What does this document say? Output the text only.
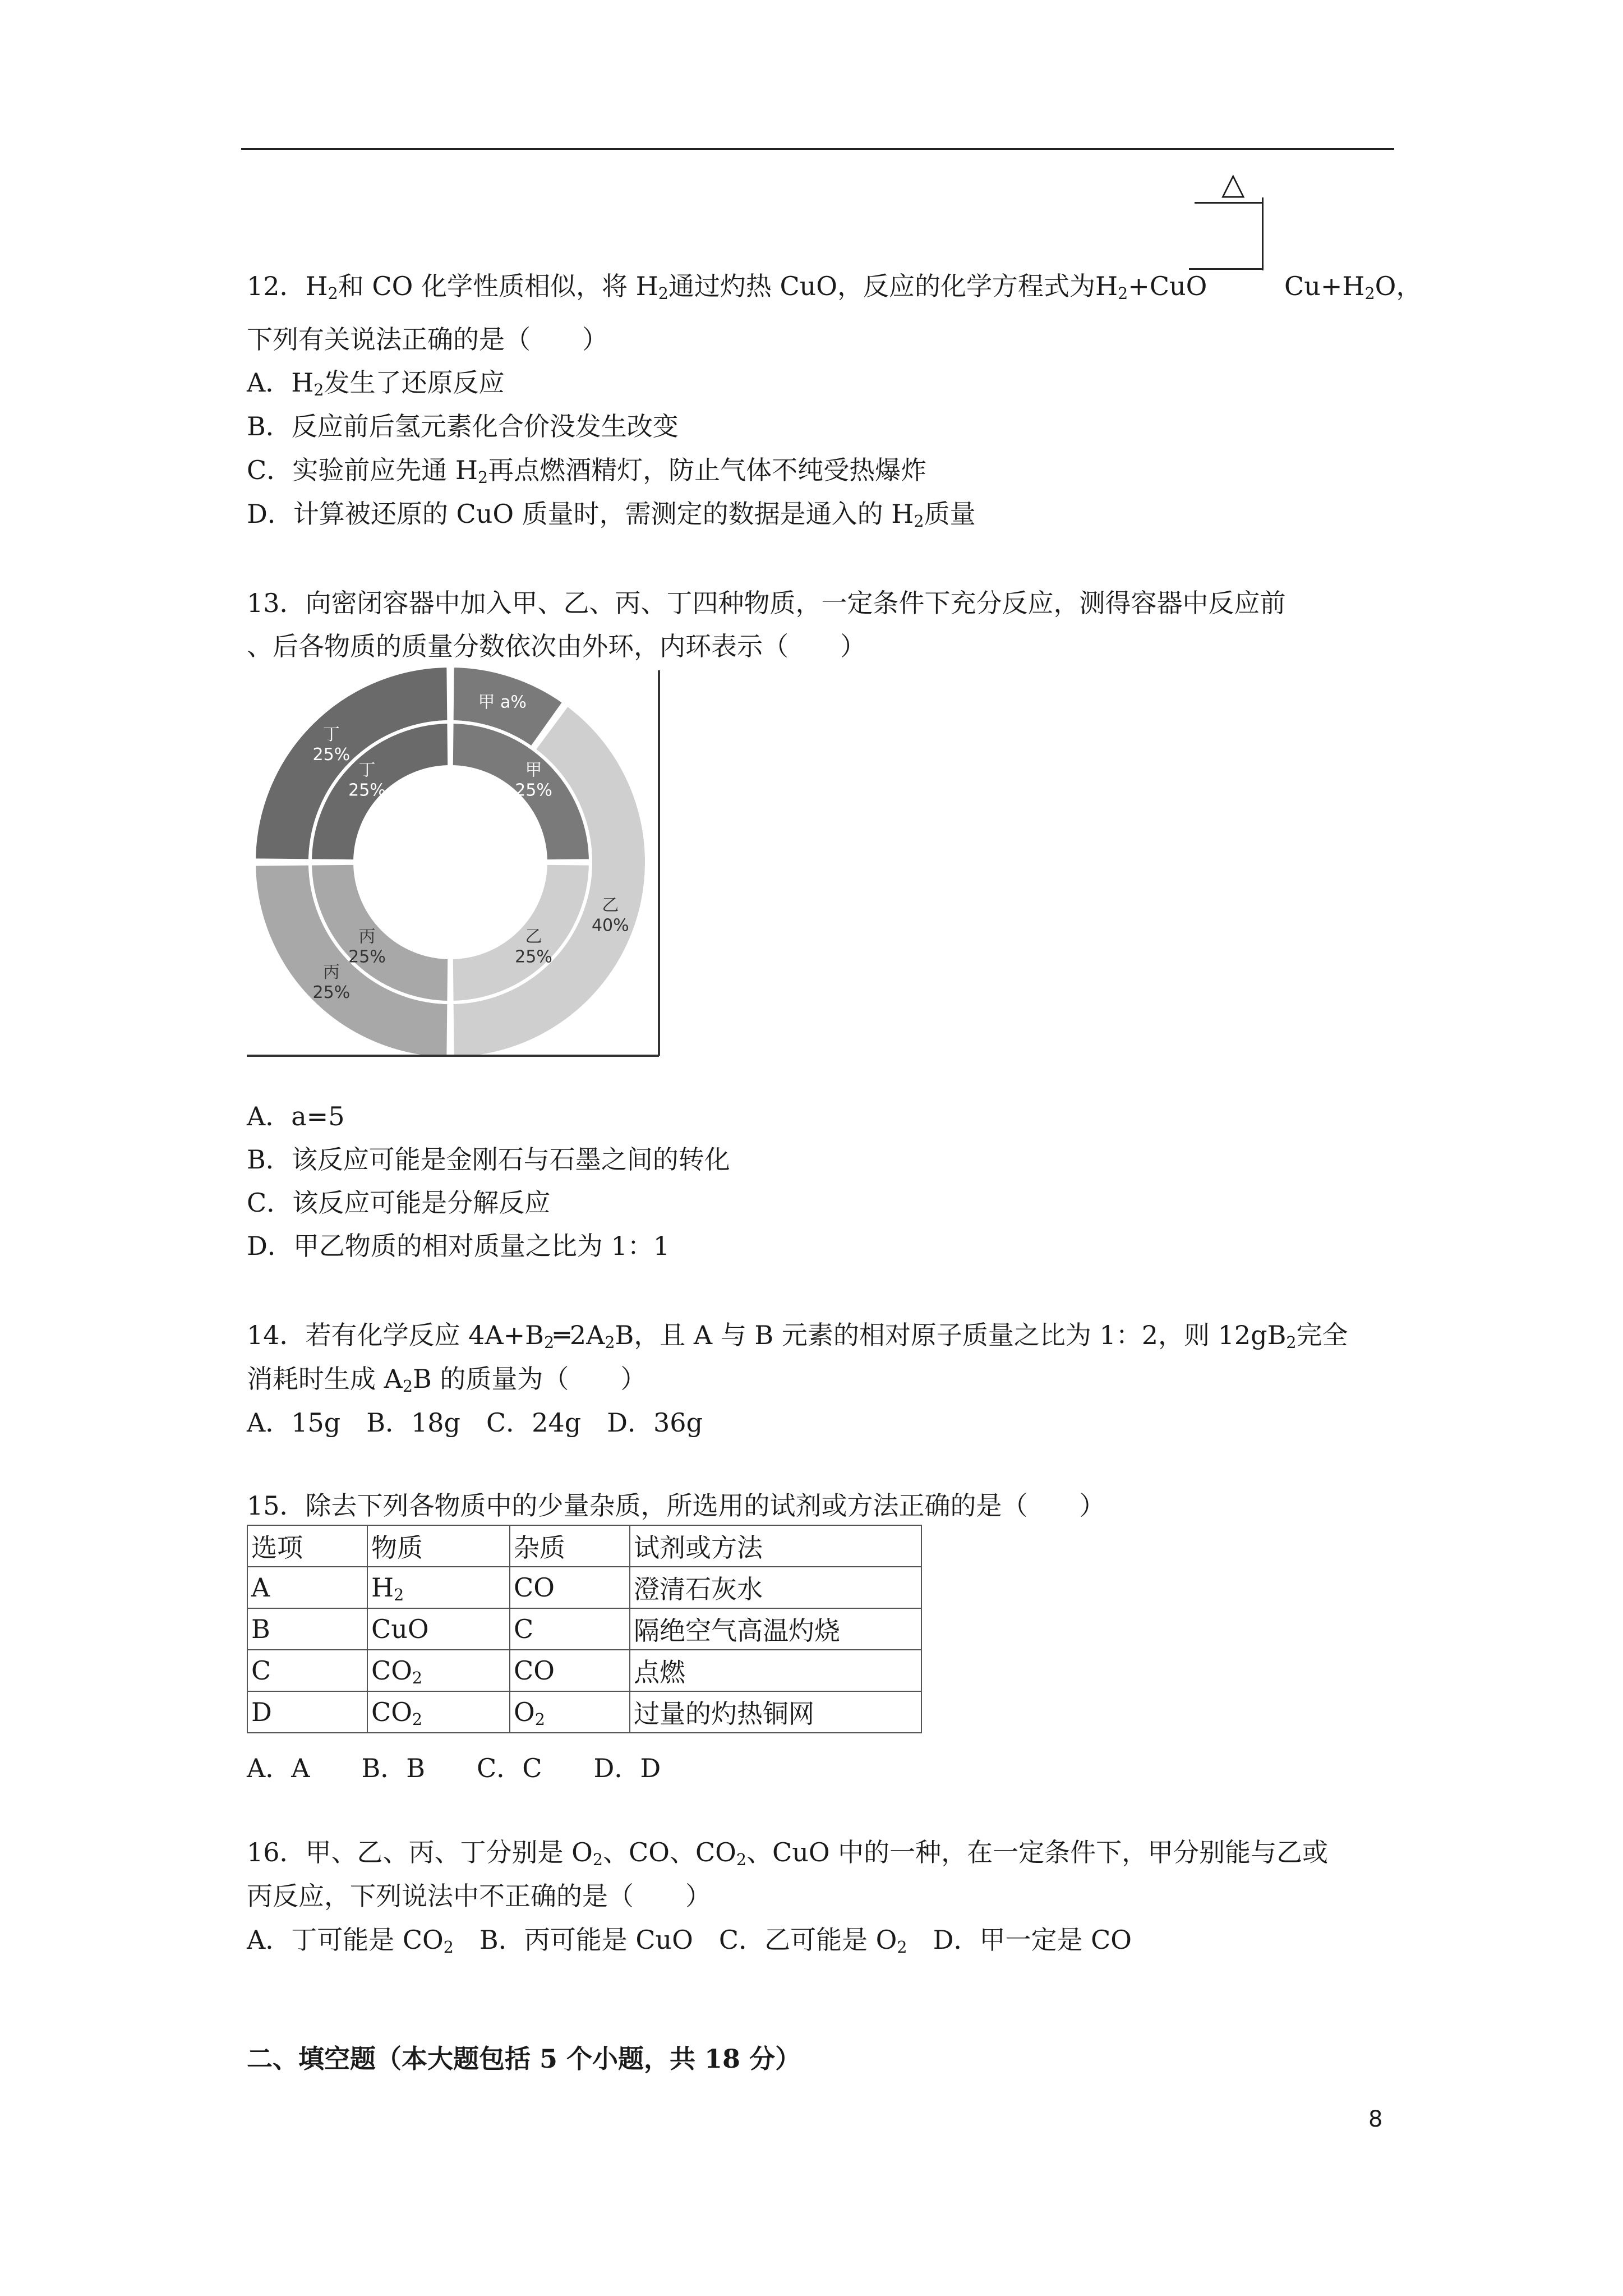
△
12．$H_2$和 CO 化学性质相似，将 $H_2$通过灼热 CuO，反应的化学方程式为$H_2+CuO$	$Cu+H_2O$，
下列有关说法正确的是（　　）
A．$H_2$发生了还原反应
B．反应前后氢元素化合价没发生改变
C．实验前应先通 $H_2$再点燃酒精灯，防止气体不纯受热爆炸
D．计算被还原的 CuO 质量时，需测定的数据是通入的 $H_2$质量
13．向密闭容器中加入甲、乙、丙、丁四种物质，一定条件下充分反应，测得容器中反应前
、后各物质的质量分数依次由外环，内环表示（　　）
甲 a%
乙 40%
丙 25%
丁 25%
甲 25%
乙 25%
丙 25%
丁 25%
A．a=5
B．该反应可能是金刚石与石墨之间的转化
C．该反应可能是分解反应
D．甲乙物质的相对质量之比为 1：1
14．若有化学反应 $4A+B_2═2A_2B$，且 A 与 B 元素的相对原子质量之比为 1：2，则 $12gB_2$完全
消耗时生成 $A_2B$ 的质量为（　　）
A．15g　B．18g　C．24g　D．36g
15．除去下列各物质中的少量杂质，所选用的试剂或方法正确的是（　　）
选项	物质	杂质	试剂或方法
A	$H_2$	CO	澄清石灰水
B	CuO	C	隔绝空气高温灼烧
C	$CO_2$	CO	点燃
D	$CO_2$	$O_2$	过量的灼热铜网
A．A　　B．B　　C．C　　D．D
16．甲、乙、丙、丁分别是 $O_2$、CO、$CO_2$、CuO 中的一种，在一定条件下，甲分别能与乙或
丙反应，下列说法中不正确的是（　　）
A．丁可能是 $CO_2$　B．丙可能是 CuO　C．乙可能是 $O_2$　D．甲一定是 CO
二、填空题（本大题包括 5 个小题，共 18 分）
8
